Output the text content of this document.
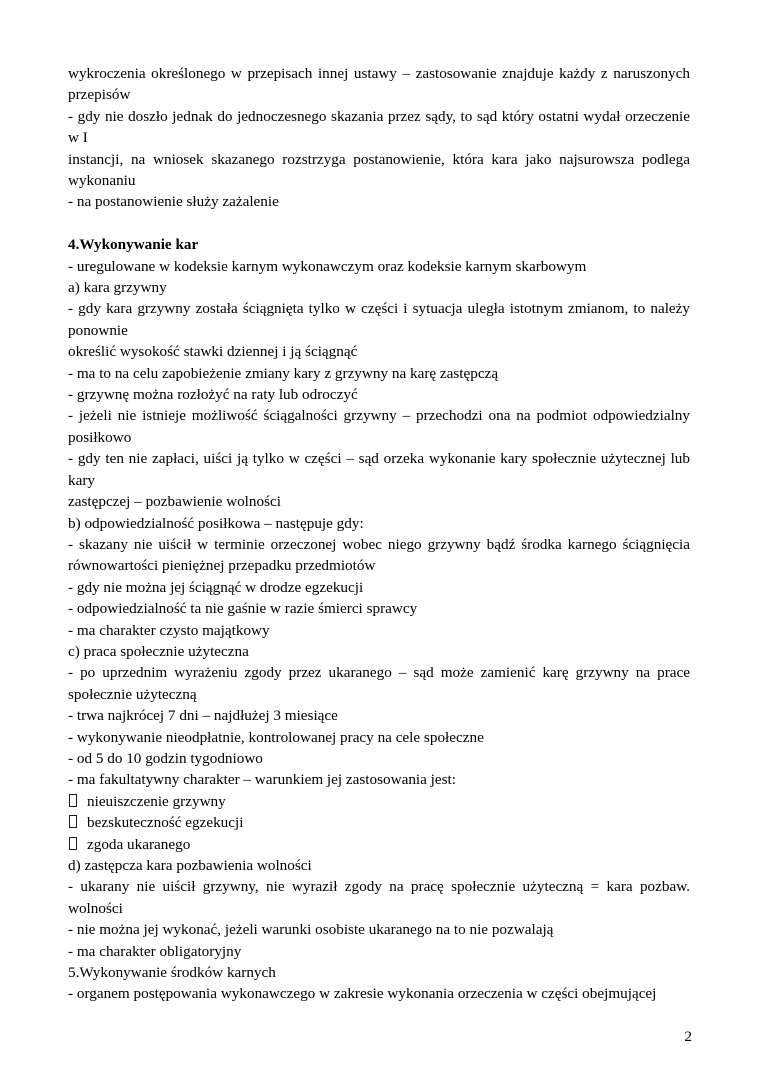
wykroczenia określonego w przepisach innej ustawy – zastosowanie znajduje każdy z naruszonych przepisów
- gdy nie doszło jednak do jednoczesnego skazania przez sądy, to sąd który ostatni wydał orzeczenie w I
instancji, na wniosek skazanego rozstrzyga postanowienie, która kara jako najsurowsza podlega wykonaniu
- na postanowienie służy zażalenie
4.Wykonywanie kar
- uregulowane w kodeksie karnym wykonawczym oraz kodeksie karnym skarbowym
a) kara grzywny
- gdy kara grzywny została ściągnięta tylko w części i sytuacja uległa istotnym zmianom, to należy ponownie
określić wysokość stawki dziennej i ją ściągnąć
- ma to na celu zapobieżenie zmiany kary z grzywny na karę zastępczą
- grzywnę można rozłożyć na raty lub odroczyć
- jeżeli nie istnieje możliwość ściągalności grzywny – przechodzi ona na podmiot odpowiedzialny posiłkowo
- gdy ten nie zapłaci, uiści ją tylko w części – sąd orzeka wykonanie kary społecznie użytecznej lub kary
zastępczej – pozbawienie wolności
b) odpowiedzialność posiłkowa – następuje gdy:
- skazany nie uiścił w terminie orzeczonej wobec niego grzywny bądź środka karnego ściągnięcia równowartości pieniężnej przepadku przedmiotów
- gdy nie można jej ściągnąć w drodze egzekucji
- odpowiedzialność ta nie gaśnie w razie śmierci sprawcy
- ma charakter czysto majątkowy
c) praca społecznie użyteczna
- po uprzednim wyrażeniu zgody przez ukaranego – sąd może zamienić karę grzywny na prace społecznie użyteczną
- trwa najkrócej 7 dni – najdłużej 3 miesiące
- wykonywanie nieodpłatnie, kontrolowanej pracy na cele społeczne
- od 5 do 10 godzin tygodniowo
- ma fakultatywny charakter – warunkiem jej zastosowania jest:
nieuiszczenie grzywny
bezskuteczność egzekucji
zgoda ukaranego
d) zastępcza kara pozbawienia wolności
- ukarany nie uiścił grzywny, nie wyraził zgody na pracę społecznie użyteczną = kara pozbaw. wolności
- nie można jej wykonać, jeżeli warunki osobiste ukaranego na to nie pozwalają
- ma charakter obligatoryjny
5.Wykonywanie środków karnych
- organem postępowania wykonawczego w zakresie wykonania orzeczenia w części obejmującej
2
